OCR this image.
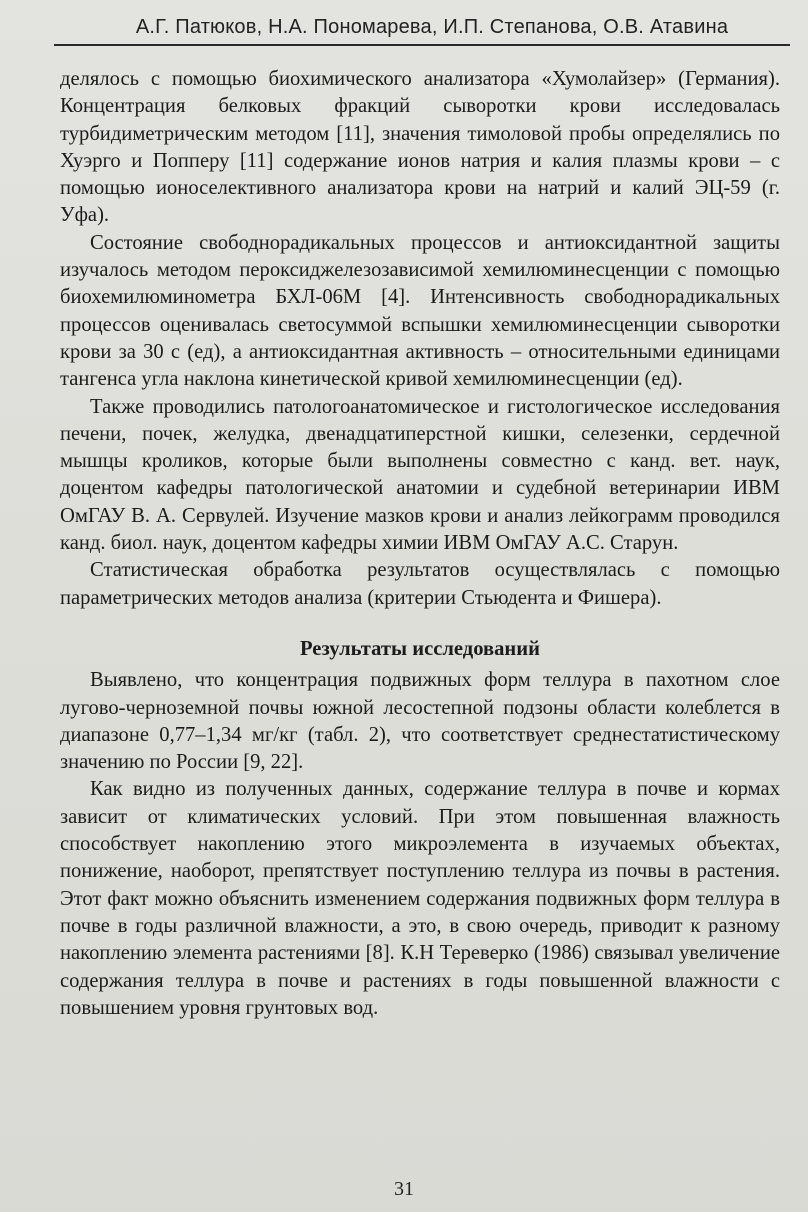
А.Г. Патюков, Н.А. Пономарева, И.П. Степанова, О.В. Атавина

делялось с помощью биохимического анализатора «Хумолайзер» (Германия). Концентрация белковых фракций сыворотки крови исследовалась турбидиметрическим методом [11], значения тимоловой пробы определялись по Хуэрго и Попперу [11] содержание ионов натрия и калия плазмы крови – с помощью ионоселективного анализатора крови на натрий и калий ЭЦ-59 (г. Уфа).

Состояние свободнорадикальных процессов и антиоксидантной защиты изучалось методом пероксиджелезозависимой хемилюминесценции с помощью биохемилюминометра БХЛ-06М [4]. Интенсивность свободнорадикальных процессов оценивалась светосуммой вспышки хемилюминесценции сыворотки крови за 30 с (ед), а антиоксидантная активность – относительными единицами тангенса угла наклона кинетической кривой хемилюминесценции (ед).

Также проводились патологоанатомическое и гистологическое исследования печени, почек, желудка, двенадцатиперстной кишки, селезенки, сердечной мышцы кроликов, которые были выполнены совместно с канд. вет. наук, доцентом кафедры патологической анатомии и судебной ветеринарии ИВМ ОмГАУ В. А. Сервулей. Изучение мазков крови и анализ лейкограмм проводился канд. биол. наук, доцентом кафедры химии ИВМ ОмГАУ А.С. Старун.

Статистическая обработка результатов осуществлялась с помощью параметрических методов анализа (критерии Стьюдента и Фишера).

Результаты исследований

Выявлено, что концентрация подвижных форм теллура в пахотном слое лугово-черноземной почвы южной лесостепной подзоны области колеблется в диапазоне 0,77–1,34 мг/кг (табл. 2), что соответствует среднестатистическому значению по России [9, 22].

Как видно из полученных данных, содержание теллура в почве и кормах зависит от климатических условий. При этом повышенная влажность способствует накоплению этого микроэлемента в изучаемых объектах, понижение, наоборот, препятствует поступлению теллура из почвы в растения. Этот факт можно объяснить изменением содержания подвижных форм теллура в почве в годы различной влажности, а это, в свою очередь, приводит к разному накоплению элемента растениями [8]. К.Н Тереверко (1986) связывал увеличение содержания теллура в почве и растениях в годы повышенной влажности с повышением уровня грунтовых вод.

31
